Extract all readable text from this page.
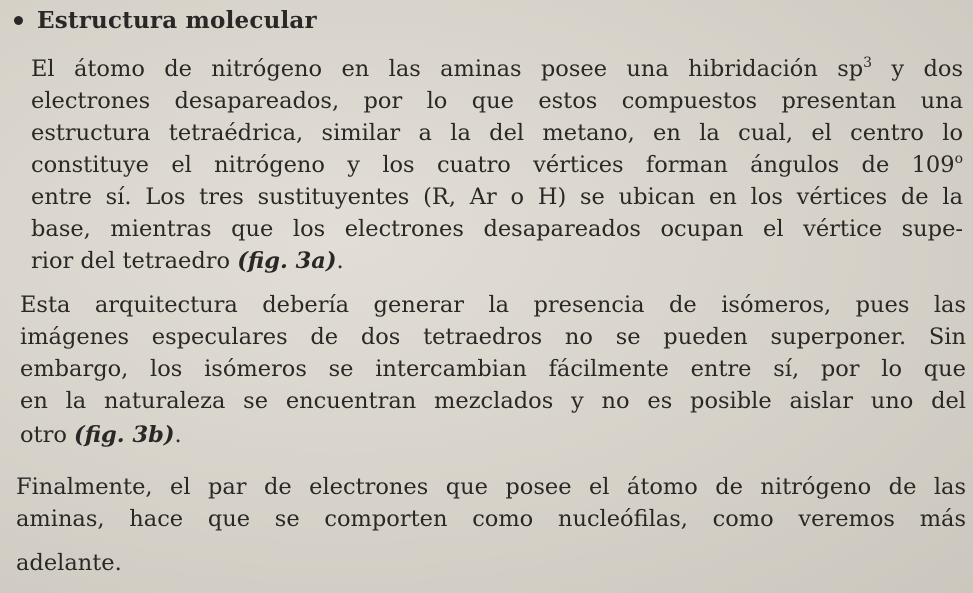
Estructura molecular
El átomo de nitrógeno en las aminas posee una hibridación $sp^3$ y dos
electrones desapareados, por lo que estos compuestos presentan una
estructura tetraédrica, similar a la del metano, en la cual, el centro lo
constituye el nitrógeno y los cuatro vértices forman ángulos de 109$^o$
entre sí. Los tres sustituyentes (R, Ar o H) se ubican en los vértices de la
base, mientras que los electrones desapareados ocupan el vértice supe-
rior del tetraedro (fig. 3a).
Esta arquitectura debería generar la presencia de isómeros, pues las
imágenes especulares de dos tetraedros no se pueden superponer. Sin
embargo, los isómeros se intercambian fácilmente entre sí, por lo que
en la naturaleza se encuentran mezclados y no es posible aislar uno del
otro (fig. 3b).
Finalmente, el par de electrones que posee el átomo de nitrógeno de las
aminas, hace que se comporten como nucleófilas, como veremos más
adelante.
